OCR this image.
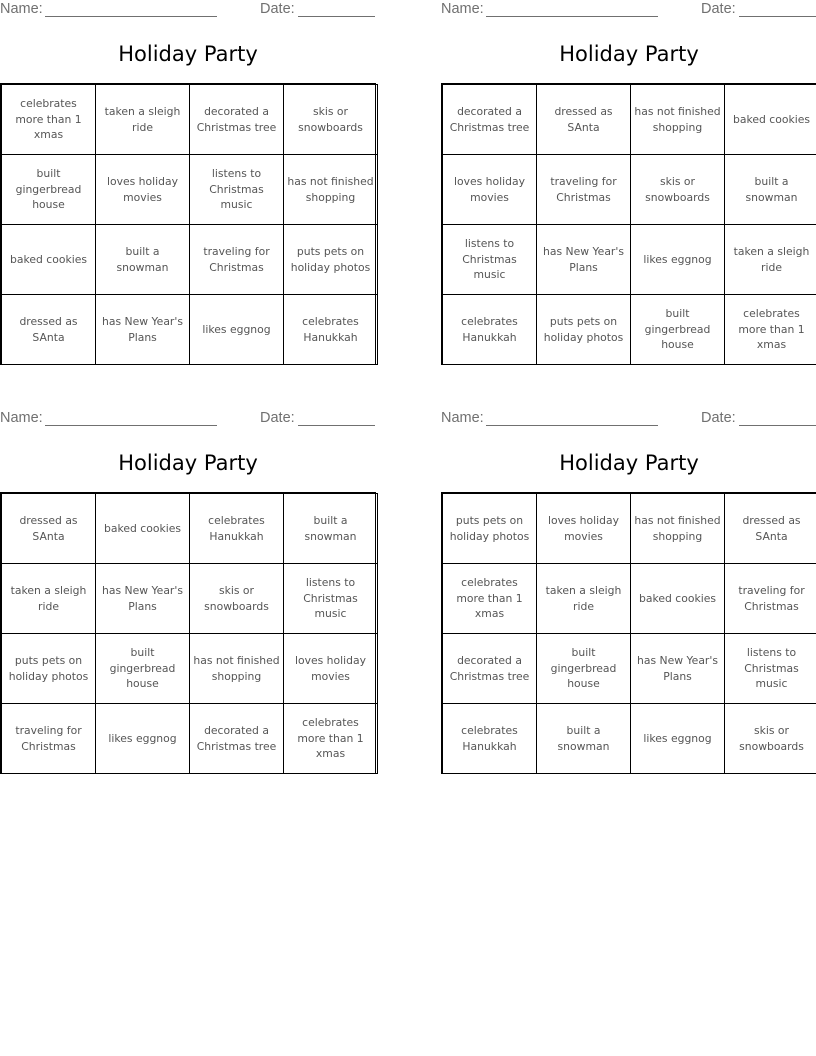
Name:	Date:
Holiday Party
celebrates more than 1 xmas	taken a sleigh ride	decorated a Christmas tree	skis or snowboards
built gingerbread house	loves holiday movies	listens to Christmas music	has not finished shopping
baked cookies	built a snowman	traveling for Christmas	puts pets on holiday photos
dressed as SAnta	has New Year's Plans	likes eggnog	celebrates Hanukkah
Name:	Date:
Holiday Party
decorated a Christmas tree	dressed as SAnta	has not finished shopping	baked cookies
loves holiday movies	traveling for Christmas	skis or snowboards	built a snowman
listens to Christmas music	has New Year's Plans	likes eggnog	taken a sleigh ride
celebrates Hanukkah	puts pets on holiday photos	built gingerbread house	celebrates more than 1 xmas
Name:	Date:
Holiday Party
dressed as SAnta	baked cookies	celebrates Hanukkah	built a snowman
taken a sleigh ride	has New Year's Plans	skis or snowboards	listens to Christmas music
puts pets on holiday photos	built gingerbread house	has not finished shopping	loves holiday movies
traveling for Christmas	likes eggnog	decorated a Christmas tree	celebrates more than 1 xmas
Name:	Date:
Holiday Party
puts pets on holiday photos	loves holiday movies	has not finished shopping	dressed as SAnta
celebrates more than 1 xmas	taken a sleigh ride	baked cookies	traveling for Christmas
decorated a Christmas tree	built gingerbread house	has New Year's Plans	listens to Christmas music
celebrates Hanukkah	built a snowman	likes eggnog	skis or snowboards
